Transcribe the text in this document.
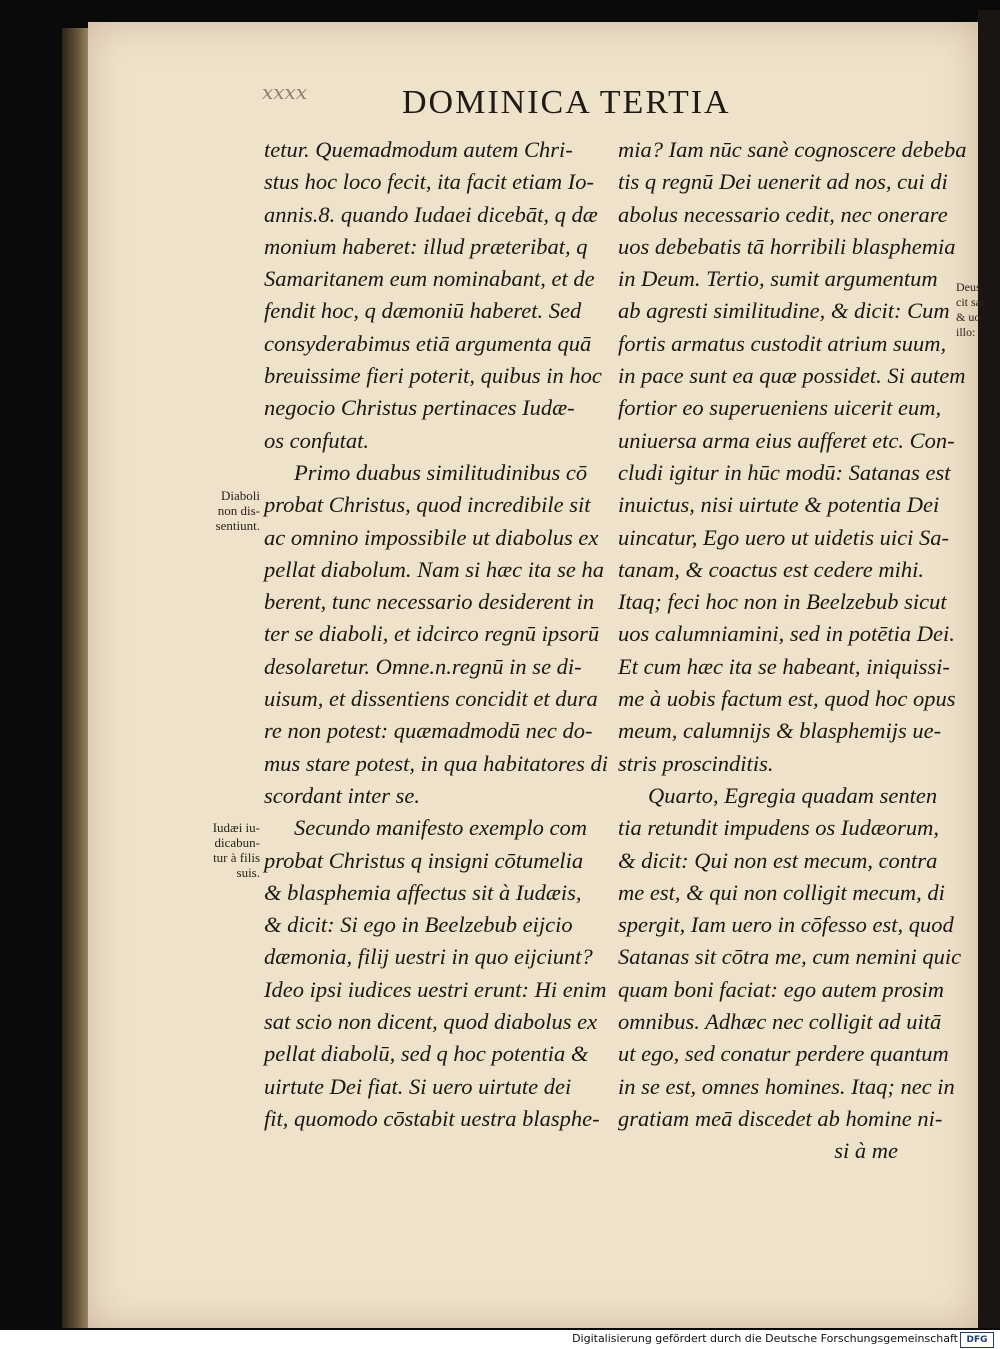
xxxx	DOMINICA TERTIA
tetur. Quemadmodum autem Chri-
stus hoc loco fecit, ita facit etiam Io-
annis.8. quando Iudaei dicebāt, q dæ
monium haberet: illud præteribat, q
Samaritanem eum nominabant, et de
fendit hoc, q dæmoniū haberet. Sed
consyderabimus etiā argumenta quā
breuissime fieri poterit, quibus in hoc
negocio Christus pertinaces Iudæ-
os confutat.
Primo duabus similitudinibus cō
probat Christus, quod incredibile sit
ac omnino impossibile ut diabolus ex
pellat diabolum. Nam si hæc ita se ha
berent, tunc necessario desiderent in
ter se diaboli, et idcirco regnū ipsorū
desolaretur. Omne.n.regnū in se di-
uisum, et dissentiens concidit et dura
re non potest: quæmadmodū nec do-
mus stare potest, in qua habitatores di
scordant inter se.
Secundo manifesto exemplo com
probat Christus q insigni cōtumelia
& blasphemia affectus sit à Iudæis,
& dicit: Si ego in Beelzebub eijcio
dæmonia, filij uestri in quo eijciunt?
Ideo ipsi iudices uestri erunt: Hi enim
sat scio non dicent, quod diabolus ex
pellat diabolū, sed q hoc potentia &
uirtute Dei fiat. Si uero uirtute dei
fit, quomodo cōstabit uestra blasphe-
mia? Iam nūc sanè cognoscere debeba
tis q regnū Dei uenerit ad nos, cui di
abolus necessario cedit, nec onerare
uos debebatis tā horribili blasphemia
in Deum. Tertio, sumit argumentum
ab agresti similitudine, & dicit: Cum
fortis armatus custodit atrium suum,
in pace sunt ea quæ possidet. Si autem
fortior eo superueniens uicerit eum,
uniuersa arma eius aufferet etc. Con-
cludi igitur in hūc modū: Satanas est
inuictus, nisi uirtute & potentia Dei
uincatur, Ego uero ut uidetis uici Sa-
tanam, & coactus est cedere mihi.
Itaq; feci hoc non in Beelzebub sicut
uos calumniamini, sed in potētia Dei.
Et cum hæc ita se habeant, iniquissi-
me à uobis factum est, quod hoc opus
meum, calumnijs & blasphemijs ue-
stris proscinditis.
Quarto, Egregia quadam senten
tia retundit impudens os Iudæorum,
& dicit: Qui non est mecum, contra
me est, & qui non colligit mecum, di
spergit, Iam uero in cōfesso est, quod
Satanas sit cōtra me, cum nemini quic
quam boni faciat: ego autem prosim
omnibus. Adhæc nec colligit ad uitā
ut ego, sed conatur perdere quantum
in se est, omnes homines. Itaq; nec in
gratiam meā discedet ab homine ni-
si à me
Diaboli
non dis-
sentiunt.
Iudæi iu-
dicabun-
tur à filis
suis.
Deus
cit sat
& uo
illo:
Digitalisierung gefördert durch die Deutsche Forschungsgemeinschaft DFG
